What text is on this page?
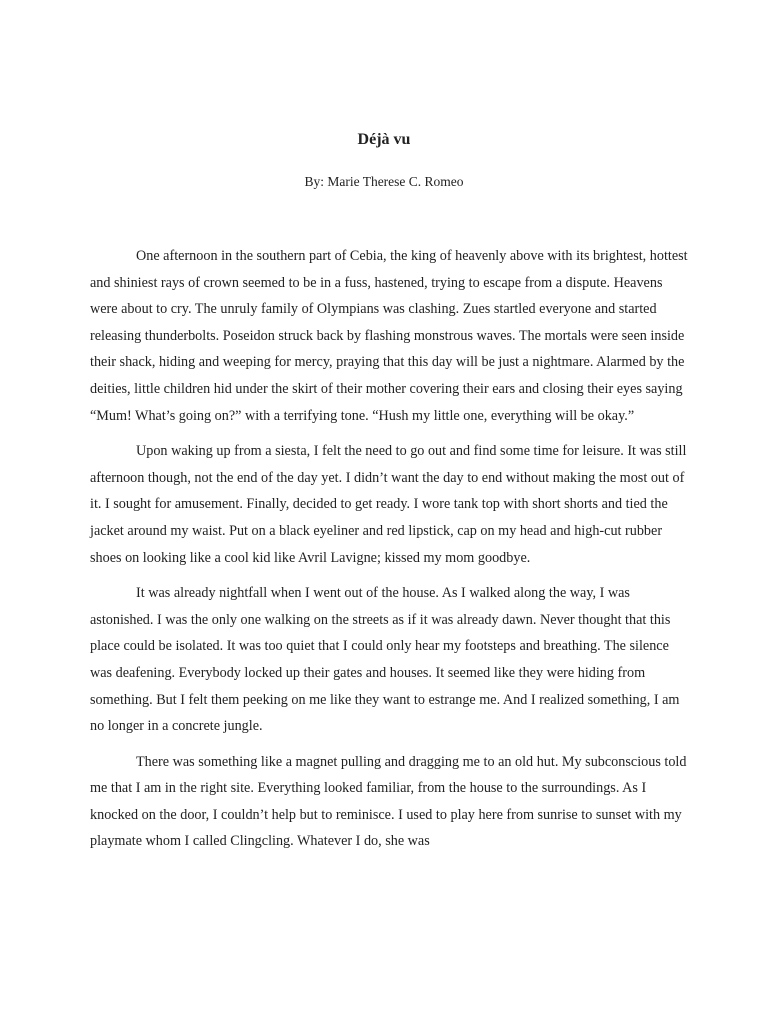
Déjà vu
By: Marie Therese C. Romeo

One afternoon in the southern part of Cebia, the king of heavenly above with its brightest, hottest and shiniest rays of crown seemed to be in a fuss, hastened, trying to escape from a dispute. Heavens were about to cry. The unruly family of Olympians was clashing. Zues startled everyone and started releasing thunderbolts. Poseidon struck back by flashing monstrous waves. The mortals were seen inside their shack, hiding and weeping for mercy, praying that this day will be just a nightmare. Alarmed by the deities, little children hid under the skirt of their mother covering their ears and closing their eyes saying “Mum! What’s going on?” with a terrifying tone. “Hush my little one, everything will be okay.”

Upon waking up from a siesta, I felt the need to go out and find some time for leisure. It was still afternoon though, not the end of the day yet. I didn’t want the day to end without making the most out of it. I sought for amusement. Finally, decided to get ready. I wore tank top with short shorts and tied the jacket around my waist. Put on a black eyeliner and red lipstick, cap on my head and high-cut rubber shoes on looking like a cool kid like Avril Lavigne; kissed my mom goodbye.

It was already nightfall when I went out of the house. As I walked along the way, I was astonished. I was the only one walking on the streets as if it was already dawn. Never thought that this place could be isolated. It was too quiet that I could only hear my footsteps and breathing. The silence was deafening. Everybody locked up their gates and houses. It seemed like they were hiding from something. But I felt them peeking on me like they want to estrange me. And I realized something, I am no longer in a concrete jungle.

There was something like a magnet pulling and dragging me to an old hut. My subconscious told me that I am in the right site. Everything looked familiar, from the house to the surroundings. As I knocked on the door, I couldn’t help but to reminisce. I used to play here from sunrise to sunset with my playmate whom I called Clingcling. Whatever I do, she was
